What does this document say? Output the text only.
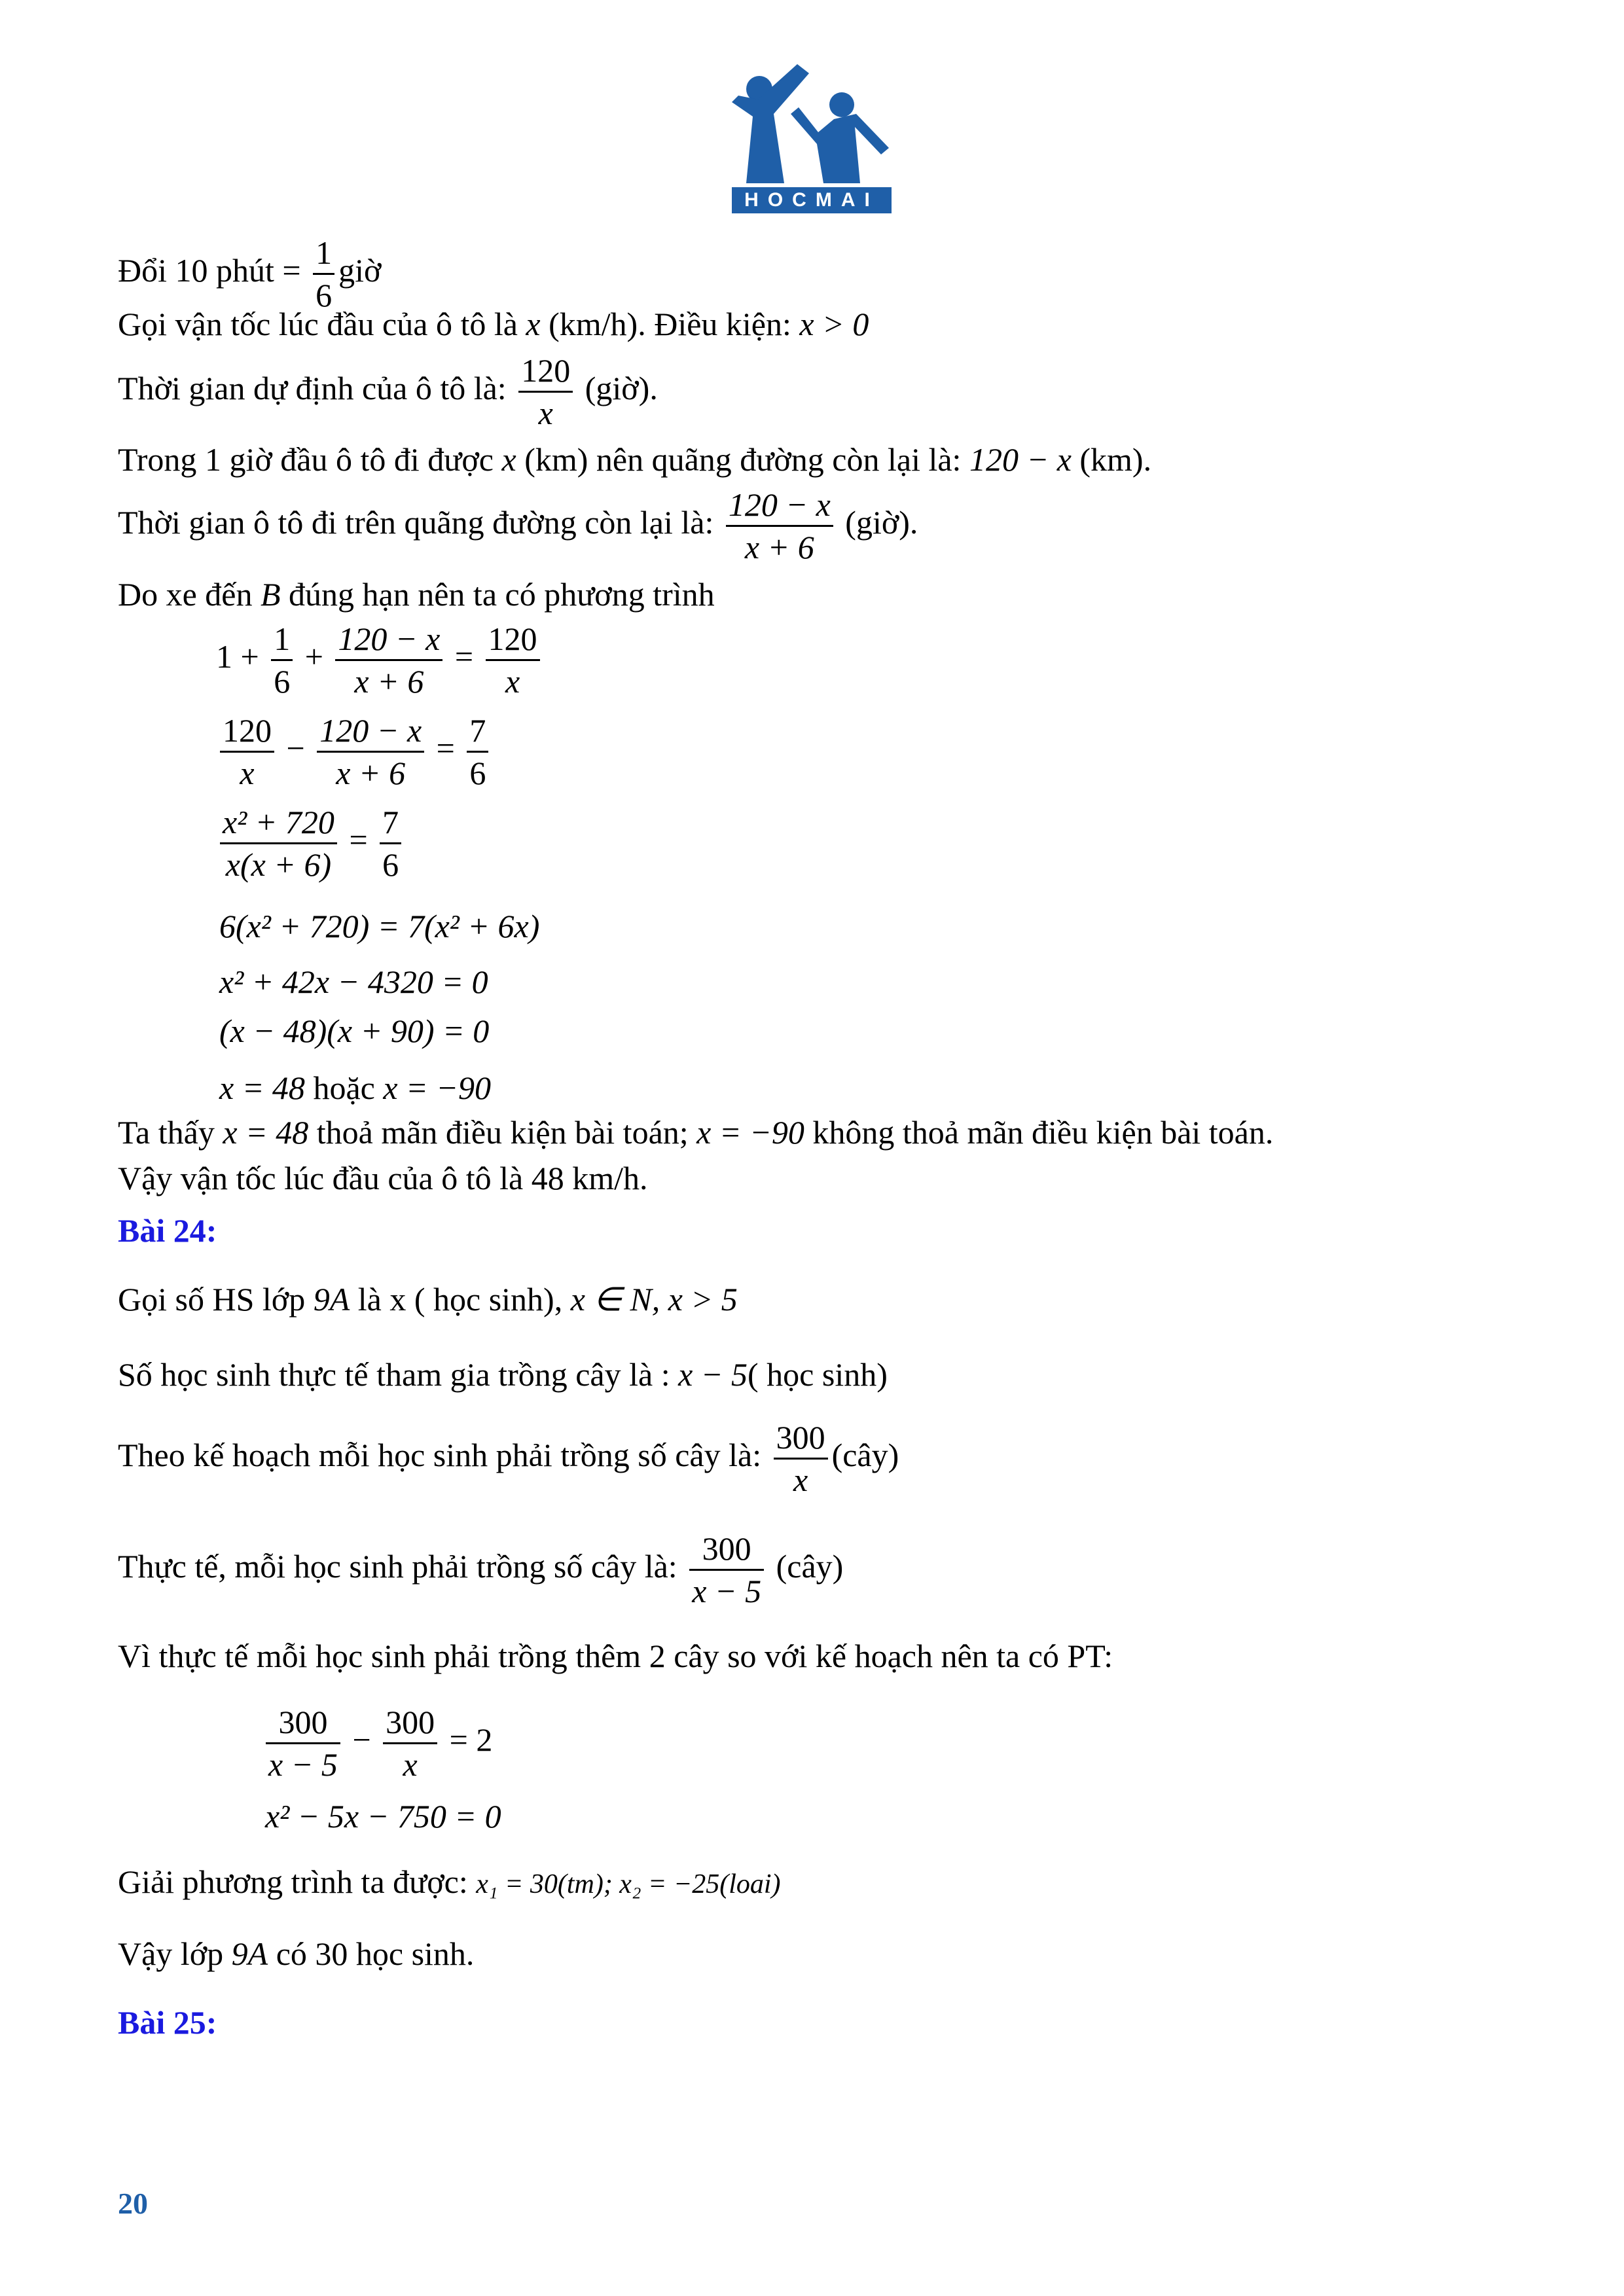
HOCMAI
Đổi 10 phút = $\frac{1}{6}$ giờ
Gọi vận tốc lúc đầu của ô tô là x (km/h). Điều kiện: x > 0
Thời gian dự định của ô tô là: $\frac{120}{x}$ (giờ).
Trong 1 giờ đầu ô tô đi được x (km) nên quãng đường còn lại là: 120 − x (km).
Thời gian ô tô đi trên quãng đường còn lại là: $\frac{120 - x}{x + 6}$ (giờ).
Do xe đến B đúng hạn nên ta có phương trình
$1 + \frac{1}{6} + \frac{120 - x}{x + 6} = \frac{120}{x}$
$\frac{120}{x} - \frac{120 - x}{x + 6} = \frac{7}{6}$
$\frac{\text{x² + 720}}{x(x + 6)} = \frac{7}{6}$
6(x² + 720) = 7(x² + 6x)
x² + 42x − 4320 = 0
(x − 48)(x + 90) = 0
x = 48 hoặc x = −90
Ta thấy x = 48 thoả mãn điều kiện bài toán; x = −90 không thoả mãn điều kiện bài toán.
Vậy vận tốc lúc đầu của ô tô là 48 km/h.
Bài 24:
Gọi số HS lớp 9A là x ( học sinh), x ∈ N, x > 5
Số học sinh thực tế tham gia trồng cây là : x − 5( học sinh)
Theo kế hoạch mỗi học sinh phải trồng số cây là: $\frac{300}{x}$ (cây)
Thực tế, mỗi học sinh phải trồng số cây là: $\frac{300}{x - 5}$ (cây)
Vì thực tế mỗi học sinh phải trồng thêm 2 cây so với kế hoạch nên ta có PT:
$\frac{300}{x - 5} - \frac{300}{x} = 2$
x² − 5x − 750 = 0
Giải phương trình ta được: x₁ = 30(tm); x₂ = −25(loai)
Vậy lớp 9A có 30 học sinh.
Bài 25:
20
